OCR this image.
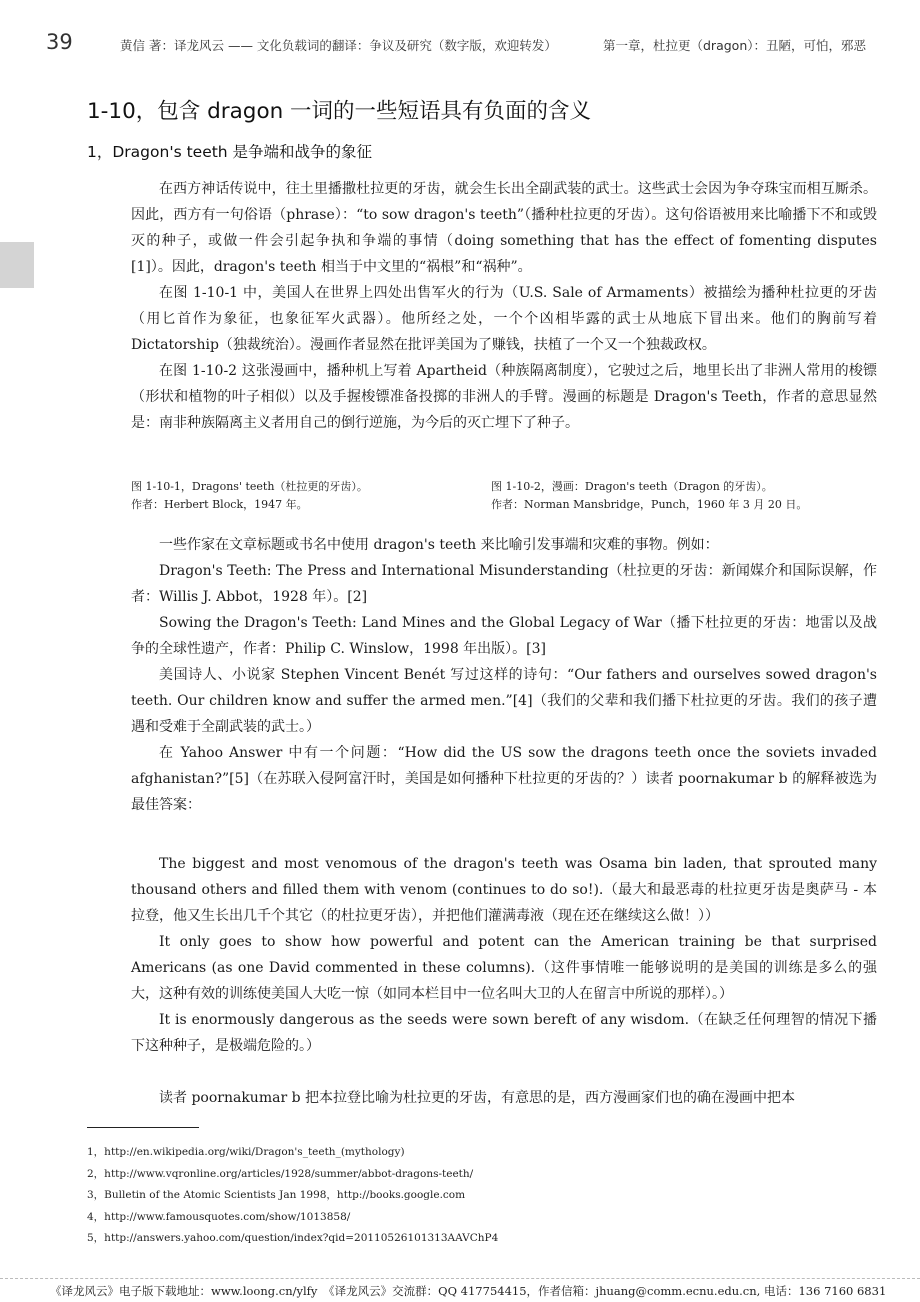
39	黄信 著：译龙风云 —— 文化负载词的翻译：争议及研究（数字版，欢迎转发）	第一章，杜拉更（dragon）：丑陋，可怕，邪恶
1-10，包含 dragon 一词的一些短语具有负面的含义
1，Dragon's teeth 是争端和战争的象征

在西方神话传说中，往土里播撒杜拉更的牙齿，就会生长出全副武装的武士。这些武士会因为争夺珠宝而相互厮杀。因此，西方有一句俗语（phrase）：“to sow dragon's teeth”（播种杜拉更的牙齿）。这句俗语被用来比喻播下不和或毁灭的种子，或做一件会引起争执和争端的事情（doing something that has the effect of fomenting disputes [1]）。因此，dragon's teeth 相当于中文里的“祸根”和“祸种”。

在图 1-10-1 中，美国人在世界上四处出售军火的行为（U.S. Sale of Armaments）被描绘为播种杜拉更的牙齿（用匕首作为象征，也象征军火武器）。他所经之处，一个个凶相毕露的武士从地底下冒出来。他们的胸前写着 Dictatorship（独裁统治）。漫画作者显然在批评美国为了赚钱，扶植了一个又一个独裁政权。

在图 1-10-2 这张漫画中，播种机上写着 Apartheid（种族隔离制度），它驶过之后，地里长出了非洲人常用的梭镖（形状和植物的叶子相似）以及手握梭镖准备投掷的非洲人的手臂。漫画的标题是 Dragon's Teeth，作者的意思显然是：南非种族隔离主义者用自己的倒行逆施，为今后的灭亡埋下了种子。

图 1-10-1，Dragons' teeth（杜拉更的牙齿）。
作者：Herbert Block，1947 年。
图 1-10-2，漫画：Dragon's teeth（Dragon 的牙齿）。
作者：Norman Mansbridge，Punch，1960 年 3 月 20 日。

一些作家在文章标题或书名中使用 dragon's teeth 来比喻引发事端和灾难的事物。例如：

Dragon's Teeth: The Press and International Misunderstanding（杜拉更的牙齿：新闻媒介和国际误解，作者：Willis J. Abbot，1928 年）。[2]

Sowing the Dragon's Teeth: Land Mines and the Global Legacy of War（播下杜拉更的牙齿：地雷以及战争的全球性遗产，作者：Philip C. Winslow，1998 年出版）。[3]

美国诗人、小说家 Stephen Vincent Benét 写过这样的诗句：“Our fathers and ourselves sowed dragon's teeth. Our children know and suffer the armed men.”[4]（我们的父辈和我们播下杜拉更的牙齿。我们的孩子遭遇和受难于全副武装的武士。）

在 Yahoo Answer 中有一个问题：“How did the US sow the dragons teeth once the soviets invaded afghanistan?”[5]（在苏联入侵阿富汗时，美国是如何播种下杜拉更的牙齿的？）读者 poornakumar b 的解释被选为最佳答案：

The biggest and most venomous of the dragon's teeth was Osama bin laden, that sprouted many thousand others and filled them with venom (continues to do so!).（最大和最恶毒的杜拉更牙齿是奥萨马 - 本拉登，他又生长出几千个其它（的杜拉更牙齿），并把他们灌满毒液（现在还在继续这么做！））

It only goes to show how powerful and potent can the American training be that surprised Americans (as one David commented in these columns).（这件事情唯一能够说明的是美国的训练是多么的强大，这种有效的训练使美国人大吃一惊（如同本栏目中一位名叫大卫的人在留言中所说的那样）。）

It is enormously dangerous as the seeds were sown bereft of any wisdom.（在缺乏任何理智的情况下播下这种种子，是极端危险的。）

读者 poornakumar b 把本拉登比喻为杜拉更的牙齿，有意思的是，西方漫画家们也的确在漫画中把本

1，http://en.wikipedia.org/wiki/Dragon's_teeth_(mythology)
2，http://www.vqronline.org/articles/1928/summer/abbot-dragons-teeth/
3，Bulletin of the Atomic Scientists Jan 1998，http://books.google.com
4，http://www.famousquotes.com/show/1013858/
5，http://answers.yahoo.com/question/index?qid=20110526101313AAVChP4
《译龙风云》电子版下载地址：www.loong.cn/ylfy　《译龙风云》交流群：QQ 417754415，作者信箱：jhuang@comm.ecnu.edu.cn, 电话：136 7160 6831
